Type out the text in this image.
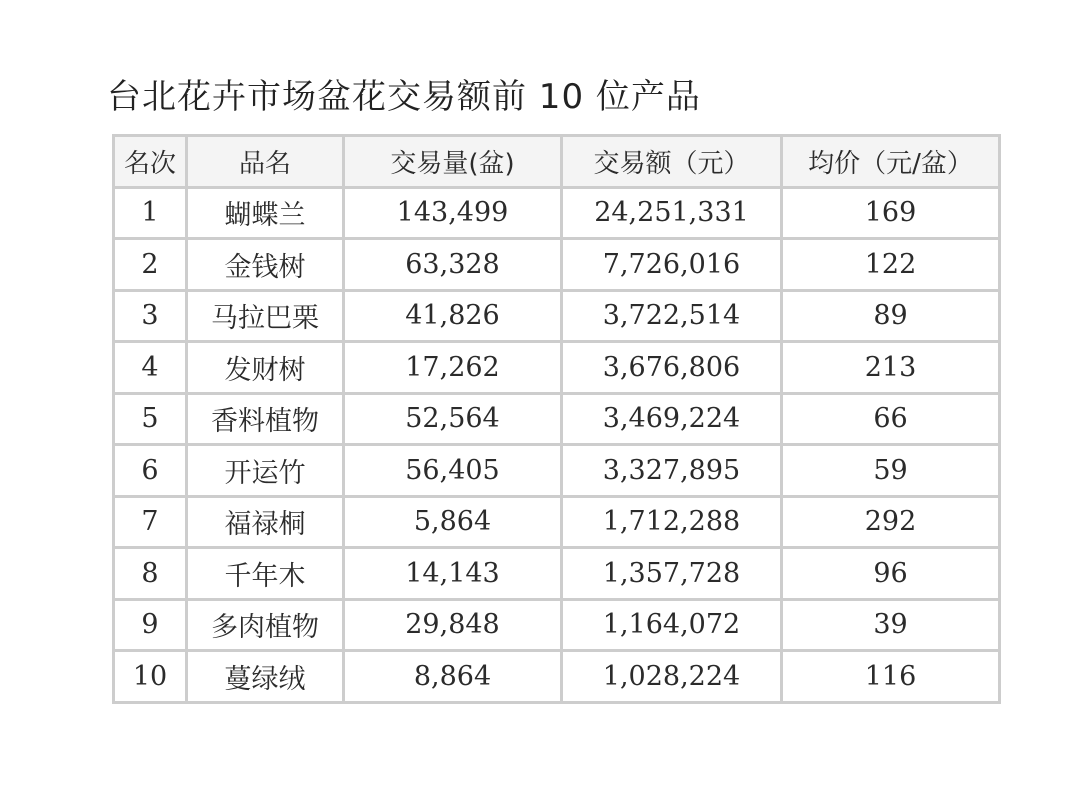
台北花卉市场盆花交易额前 10 位产品
名次	品名	交易量(盆)	交易额（元）	均价（元/盆）
1	蝴蝶兰	143,499	24,251,331	169
2	金钱树	63,328	7,726,016	122
3	马拉巴栗	41,826	3,722,514	89
4	发财树	17,262	3,676,806	213
5	香料植物	52,564	3,469,224	66
6	开运竹	56,405	3,327,895	59
7	福禄桐	5,864	1,712,288	292
8	千年木	14,143	1,357,728	96
9	多肉植物	29,848	1,164,072	39
10	蔓绿绒	8,864	1,028,224	116
